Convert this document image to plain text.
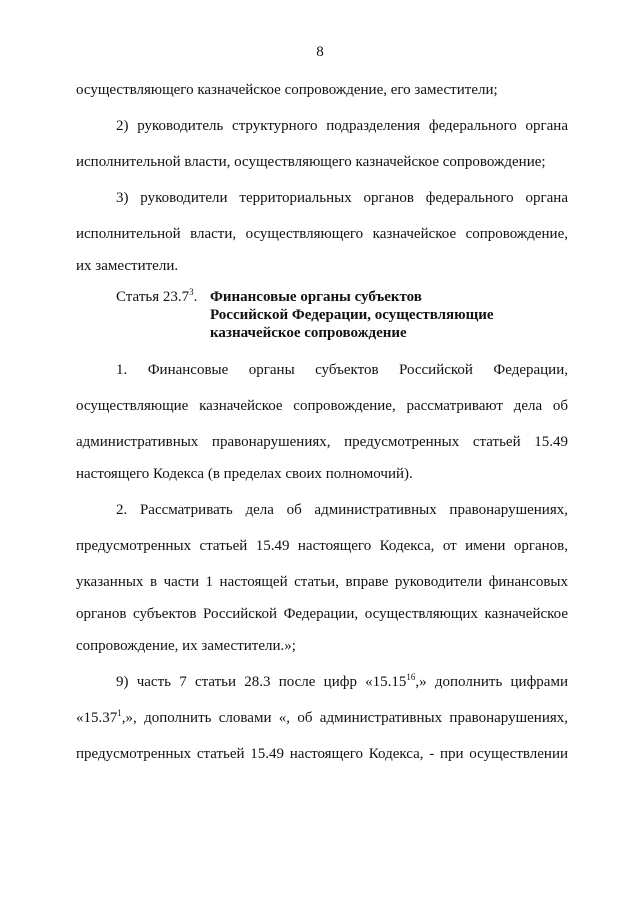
8
осуществляющего казначейское сопровождение, его заместители;
2) руководитель структурного подразделения федерального органа
исполнительной власти, осуществляющего казначейское сопровождение;
3) руководители территориальных органов федерального органа
исполнительной власти, осуществляющего казначейское сопровождение,
их заместители.
Статья 23.7$^3$. Финансовые органы субъектов
Российской Федерации, осуществляющие
казначейское сопровождение
1. Финансовые органы субъектов Российской Федерации,
осуществляющие казначейское сопровождение, рассматривают дела об
административных правонарушениях, предусмотренных статьей 15.49
настоящего Кодекса (в пределах своих полномочий).
2. Рассматривать дела об административных правонарушениях,
предусмотренных статьей 15.49 настоящего Кодекса, от имени органов,
указанных в части 1 настоящей статьи, вправе руководители финансовых
органов субъектов Российской Федерации, осуществляющих казначейское
сопровождение, их заместители.»;
9) часть 7 статьи 28.3 после цифр «15.15$^{16}$,» дополнить цифрами
«15.37$^1$,», дополнить словами «, об административных правонарушениях,
предусмотренных статьей 15.49 настоящего Кодекса, - при осуществлении
